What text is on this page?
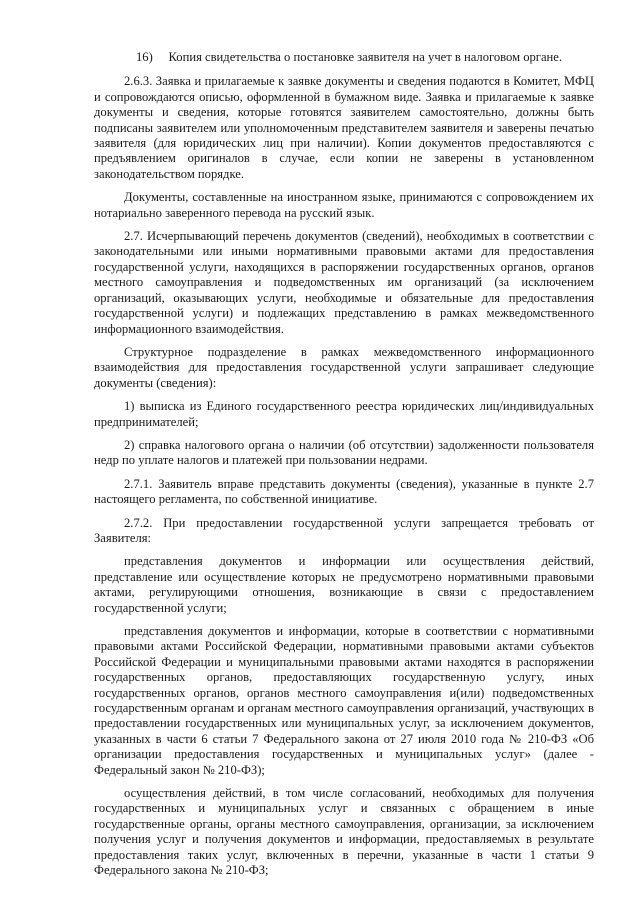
16)     Копия свидетельства о постановке заявителя на учет в налоговом органе.

2.6.3. Заявка и прилагаемые к заявке документы и сведения подаются в Комитет, МФЦ и сопровождаются описью, оформленной в бумажном виде. Заявка и прилагаемые к заявке документы и сведения, которые готовятся заявителем самостоятельно, должны быть подписаны заявителем или уполномоченным представителем заявителя и заверены печатью заявителя (для юридических лиц при наличии). Копии документов предоставляются с предъявлением оригиналов в случае, если копии не заверены в установленном законодательством порядке.

Документы, составленные на иностранном языке, принимаются с сопровождением их нотариально заверенного перевода на русский язык.

2.7. Исчерпывающий перечень документов (сведений), необходимых в соответствии с законодательными или иными нормативными правовыми актами для предоставления государственной услуги, находящихся в распоряжении государственных органов, органов местного самоуправления и подведомственных им организаций (за исключением организаций, оказывающих услуги, необходимые и обязательные для предоставления государственной услуги) и подлежащих представлению в рамках межведомственного информационного взаимодействия.

Структурное подразделение в рамках межведомственного информационного взаимодействия для предоставления государственной услуги запрашивает следующие документы (сведения):

1) выписка из Единого государственного реестра юридических лиц/индивидуальных предпринимателей;

2) справка налогового органа о наличии (об отсутствии) задолженности пользователя недр по уплате налогов и платежей при пользовании недрами.

2.7.1. Заявитель вправе представить документы (сведения), указанные в пункте 2.7 настоящего регламента, по собственной инициативе.

2.7.2. При предоставлении государственной услуги запрещается требовать от Заявителя:

представления документов и информации или осуществления действий, представление или осуществление которых не предусмотрено нормативными правовыми актами, регулирующими отношения, возникающие в связи с предоставлением государственной услуги;

представления документов и информации, которые в соответствии с нормативными правовыми актами Российской Федерации, нормативными правовыми актами субъектов Российской Федерации и муниципальными правовыми актами находятся в распоряжении государственных органов, предоставляющих государственную услугу, иных государственных органов, органов местного самоуправления и(или) подведомственных государственным органам и органам местного самоуправления организаций, участвующих в предоставлении государственных или муниципальных услуг, за исключением документов, указанных в части 6 статьи 7 Федерального закона от 27 июля 2010 года № 210-ФЗ «Об организации предоставления государственных и муниципальных услуг» (далее - Федеральный закон № 210-ФЗ);

осуществления действий, в том числе согласований, необходимых для получения государственных и муниципальных услуг и связанных с обращением в иные государственные органы, органы местного самоуправления, организации, за исключением получения услуг и получения документов и информации, предоставляемых в результате предоставления таких услуг, включенных в перечни, указанные в части 1 статьи 9 Федерального закона № 210-ФЗ;
